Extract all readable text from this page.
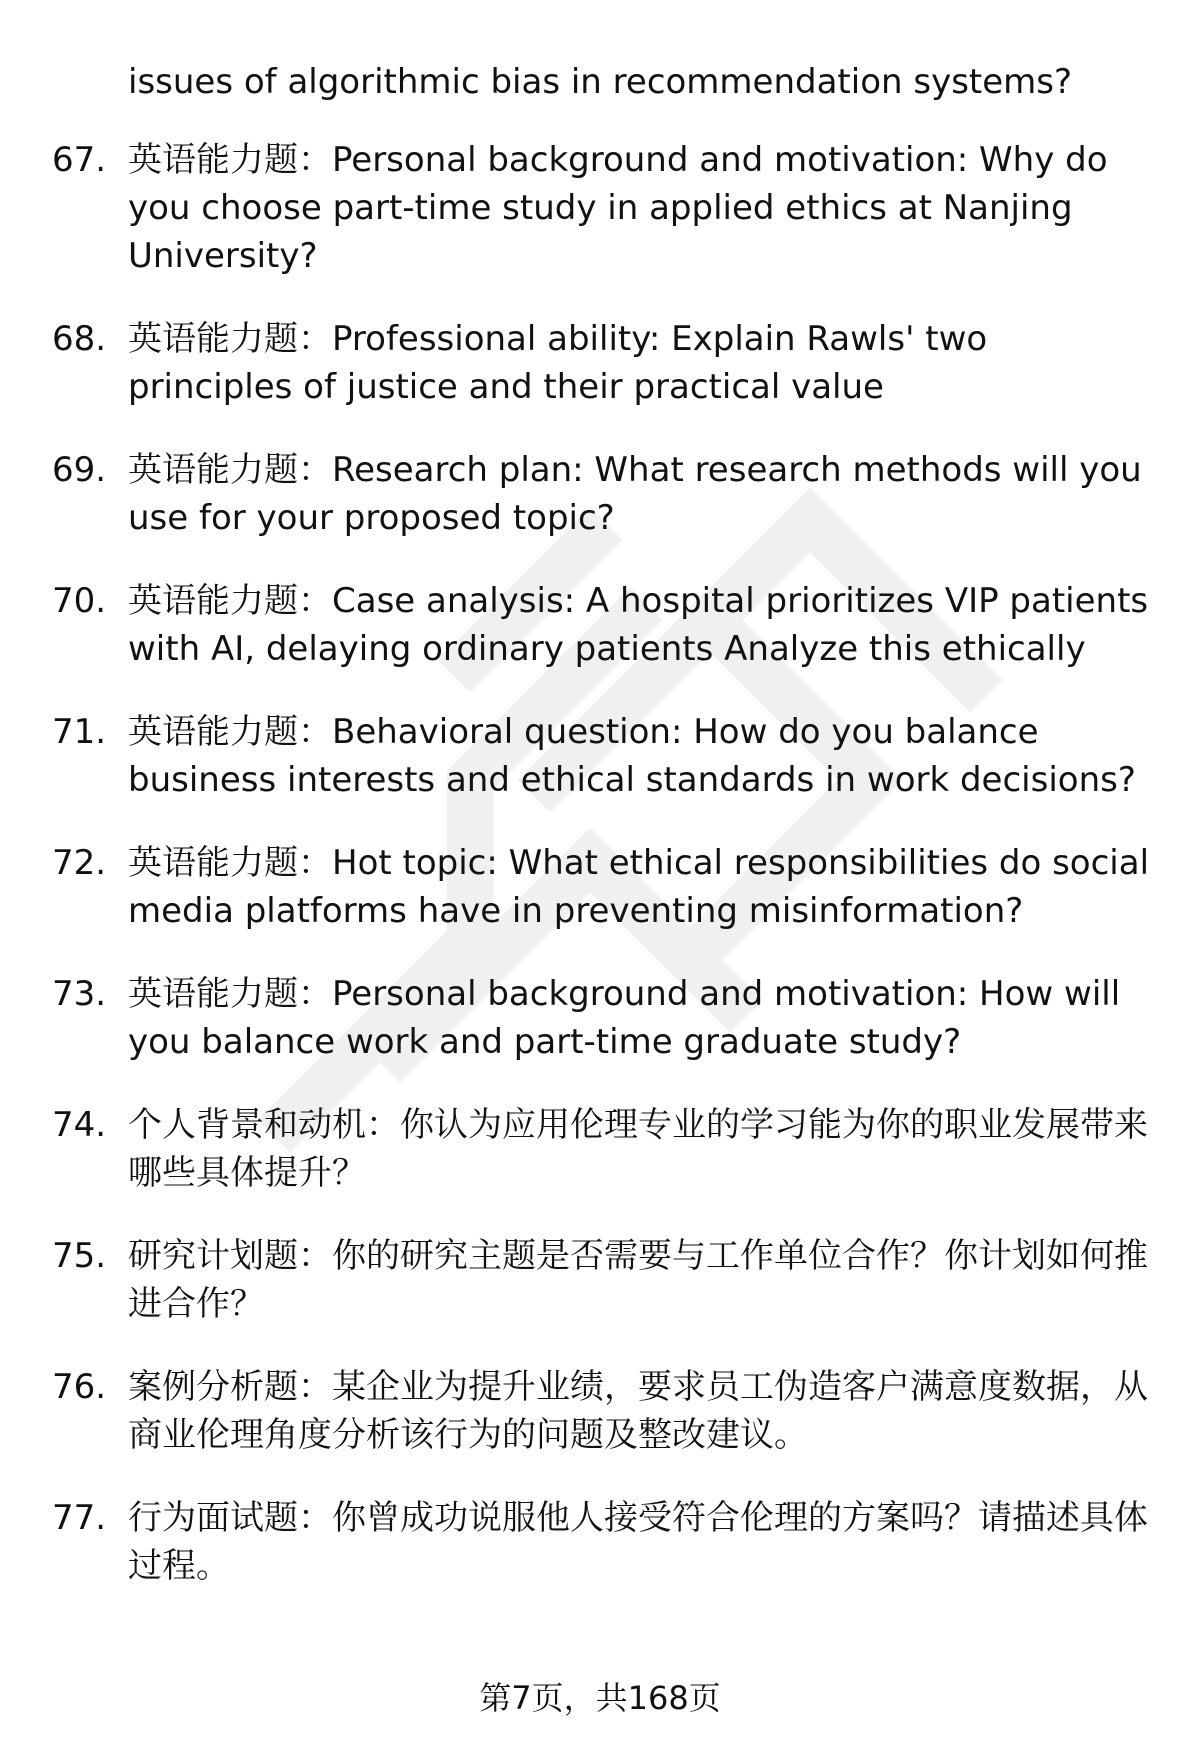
issues of algorithmic bias in recommendation systems?

67. 英语能力题：Personal background and motivation: Why do you choose part-time study in applied ethics at Nanjing University?
68. 英语能力题：Professional ability: Explain Rawls' two principles of justice and their practical value
69. 英语能力题：Research plan: What research methods will you use for your proposed topic?
70. 英语能力题：Case analysis: A hospital prioritizes VIP patients with AI, delaying ordinary patients Analyze this ethically
71. 英语能力题：Behavioral question: How do you balance business interests and ethical standards in work decisions?
72. 英语能力题：Hot topic: What ethical responsibilities do social media platforms have in preventing misinformation?
73. 英语能力题：Personal background and motivation: How will you balance work and part-time graduate study?
74. 个人背景和动机：你认为应用伦理专业的学习能为你的职业发展带来哪些具体提升？
75. 研究计划题：你的研究主题是否需要与工作单位合作？你计划如何推进合作？
76. 案例分析题：某企业为提升业绩，要求员工伪造客户满意度数据，从商业伦理角度分析该行为的问题及整改建议。
77. 行为面试题：你曾成功说服他人接受符合伦理的方案吗？请描述具体过程。
第7页，共168页
